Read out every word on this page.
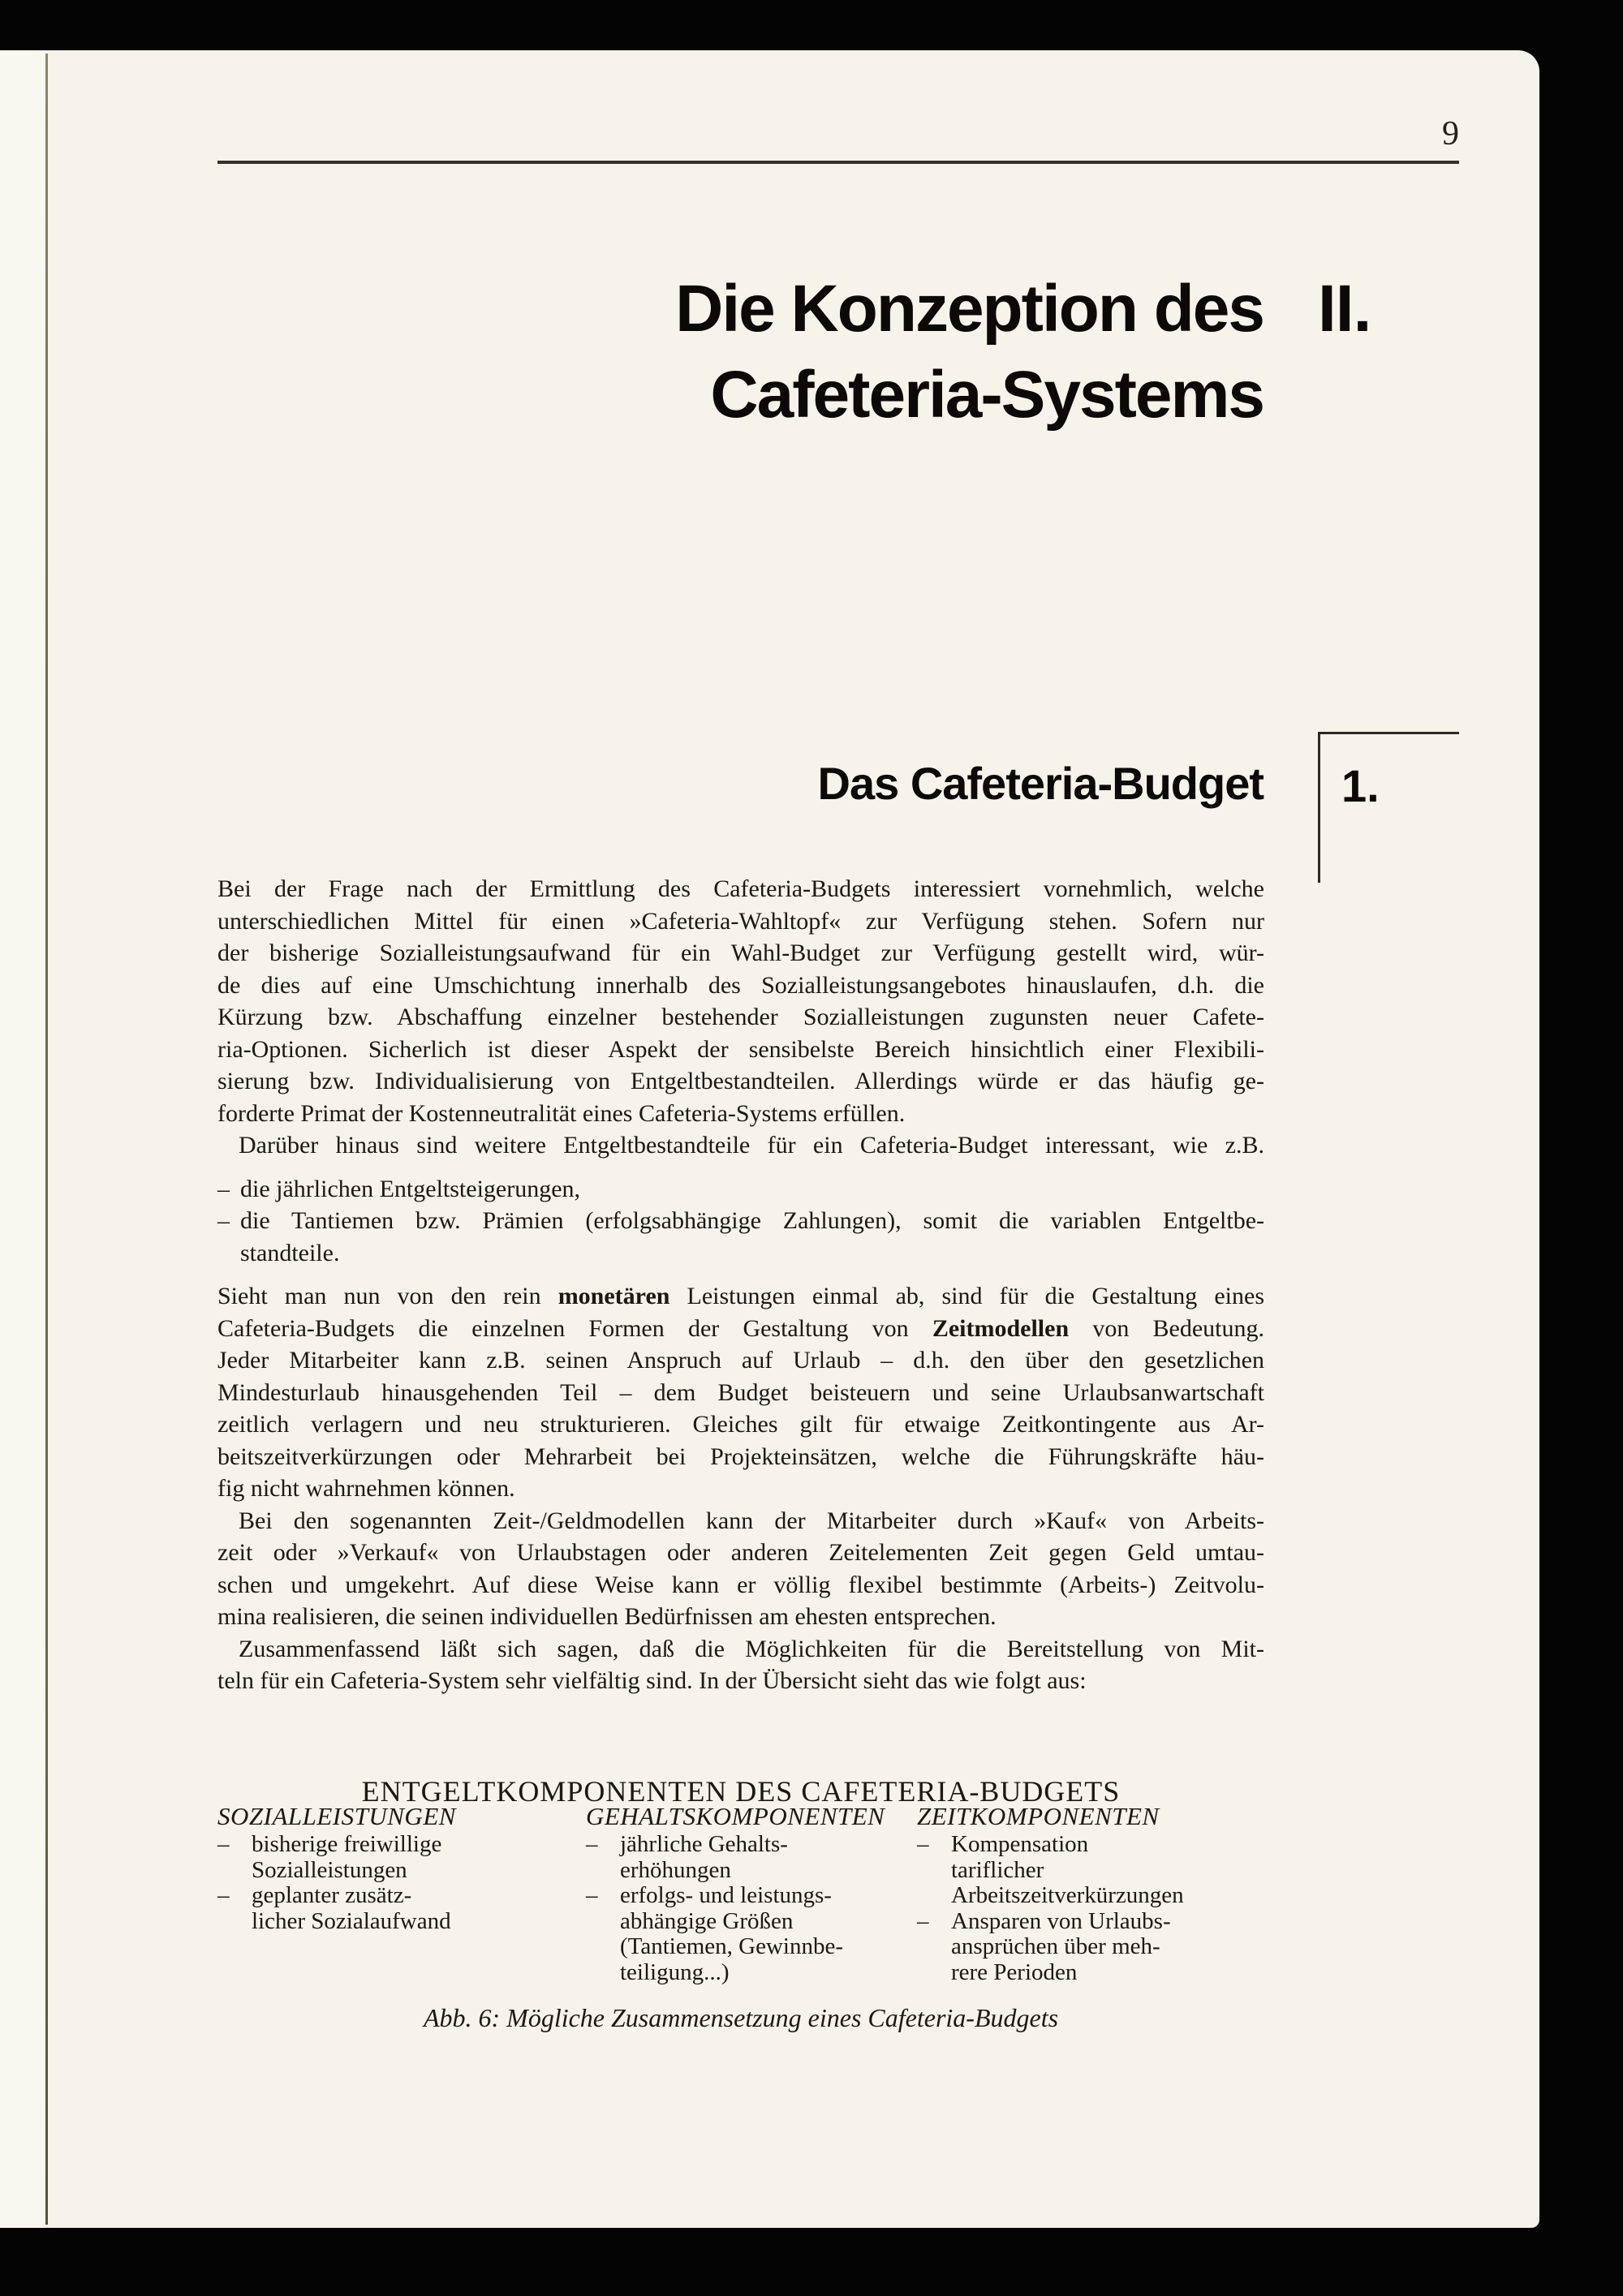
9
Die Konzeption des
Cafeteria-Systems
II.
Das Cafeteria-Budget 1.
Bei der Frage nach der Ermittlung des Cafeteria-Budgets interessiert vornehmlich, welche
unterschiedlichen Mittel für einen »Cafeteria-Wahltopf« zur Verfügung stehen. Sofern nur
der bisherige Sozialleistungsaufwand für ein Wahl-Budget zur Verfügung gestellt wird, wür-
de dies auf eine Umschichtung innerhalb des Sozialleistungsangebotes hinauslaufen, d.h. die
Kürzung bzw. Abschaffung einzelner bestehender Sozialleistungen zugunsten neuer Cafete-
ria-Optionen. Sicherlich ist dieser Aspekt der sensibelste Bereich hinsichtlich einer Flexibili-
sierung bzw. Individualisierung von Entgeltbestandteilen. Allerdings würde er das häufig ge-
forderte Primat der Kostenneutralität eines Cafeteria-Systems erfüllen.
Darüber hinaus sind weitere Entgeltbestandteile für ein Cafeteria-Budget interessant, wie z.B.
– die jährlichen Entgeltsteigerungen,
– die Tantiemen bzw. Prämien (erfolgsabhängige Zahlungen), somit die variablen Entgeltbe-
standteile.
Sieht man nun von den rein monetären Leistungen einmal ab, sind für die Gestaltung eines
Cafeteria-Budgets die einzelnen Formen der Gestaltung von Zeitmodellen von Bedeutung.
Jeder Mitarbeiter kann z.B. seinen Anspruch auf Urlaub – d.h. den über den gesetzlichen
Mindesturlaub hinausgehenden Teil – dem Budget beisteuern und seine Urlaubsanwartschaft
zeitlich verlagern und neu strukturieren. Gleiches gilt für etwaige Zeitkontingente aus Ar-
beitszeitverkürzungen oder Mehrarbeit bei Projekteinsätzen, welche die Führungskräfte häu-
fig nicht wahrnehmen können.
Bei den sogenannten Zeit-/Geldmodellen kann der Mitarbeiter durch »Kauf« von Arbeits-
zeit oder »Verkauf« von Urlaubstagen oder anderen Zeitelementen Zeit gegen Geld umtau-
schen und umgekehrt. Auf diese Weise kann er völlig flexibel bestimmte (Arbeits-) Zeitvolu-
mina realisieren, die seinen individuellen Bedürfnissen am ehesten entsprechen.
Zusammenfassend läßt sich sagen, daß die Möglichkeiten für die Bereitstellung von Mit-
teln für ein Cafeteria-System sehr vielfältig sind. In der Übersicht sieht das wie folgt aus:
ENTGELTKOMPONENTEN DES CAFETERIA-BUDGETS
SOZIALLEISTUNGEN
– bisherige freiwillige
Sozialleistungen
– geplanter zusätz-
licher Sozialaufwand
GEHALTSKOMPONENTEN
– jährliche Gehalts-
erhöhungen
– erfolgs- und leistungs-
abhängige Größen
(Tantiemen, Gewinnbe-
teiligung...)
ZEITKOMPONENTEN
– Kompensation
tariflicher
Arbeitszeitverkürzungen
– Ansparen von Urlaubs-
ansprüchen über meh-
rere Perioden
Abb. 6: Mögliche Zusammensetzung eines Cafeteria-Budgets
